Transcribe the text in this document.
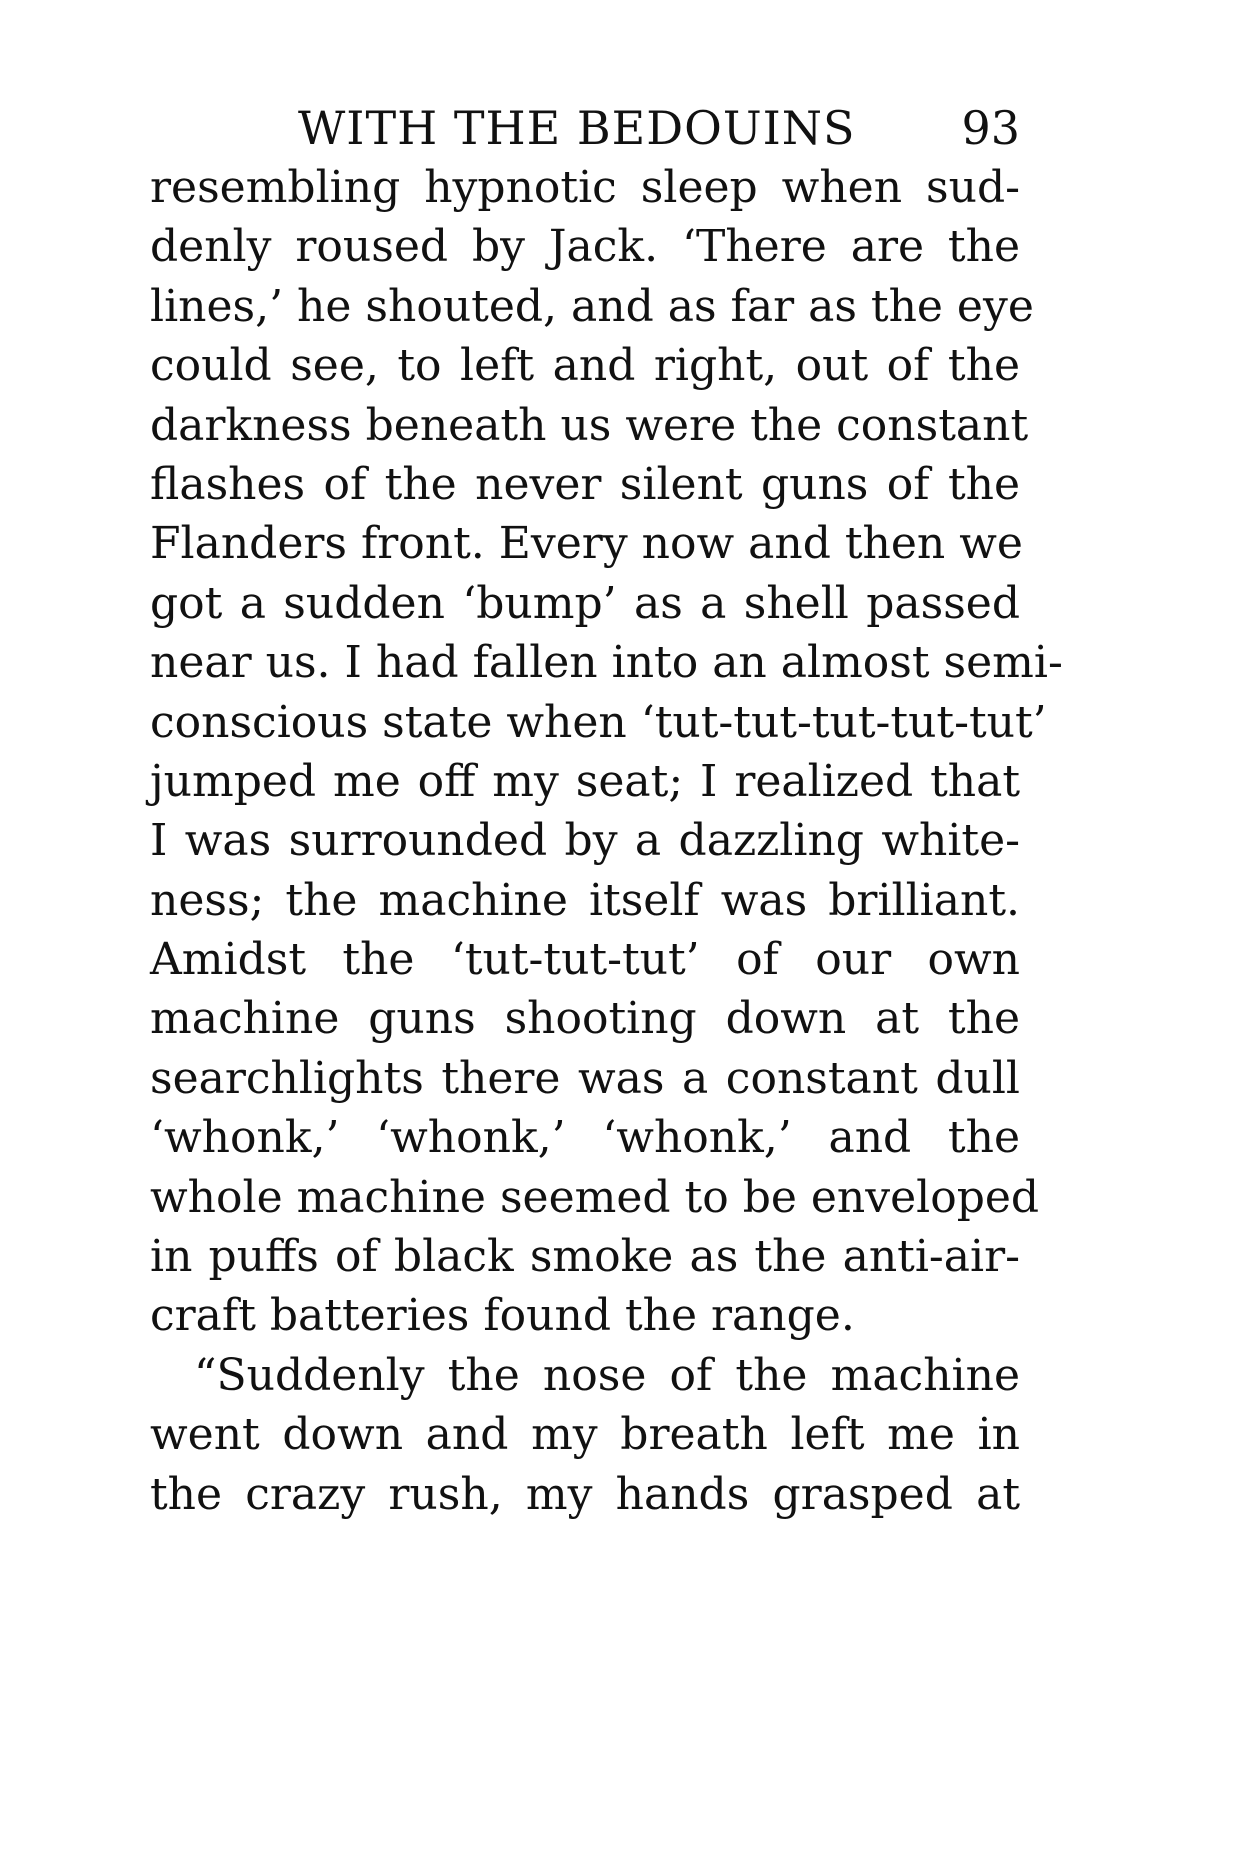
WITH THE BEDOUINS 93
resembling hypnotic sleep when sud-
denly roused by Jack. ‘There are the
lines,’ he shouted, and as far as the eye
could see, to left and right, out of the
darkness beneath us were the constant
flashes of the never silent guns of the
Flanders front. Every now and then we
got a sudden ‘bump’ as a shell passed
near us. I had fallen into an almost semi-
conscious state when ‘tut-tut-tut-tut-tut’
jumped me off my seat; I realized that
I was surrounded by a dazzling white-
ness; the machine itself was brilliant.
Amidst the ‘tut-tut-tut’ of our own
machine guns shooting down at the
searchlights there was a constant dull
‘whonk,’ ‘whonk,’ ‘whonk,’ and the
whole machine seemed to be enveloped
in puffs of black smoke as the anti-air-
craft batteries found the range.
“Suddenly the nose of the machine
went down and my breath left me in
the crazy rush, my hands grasped at
